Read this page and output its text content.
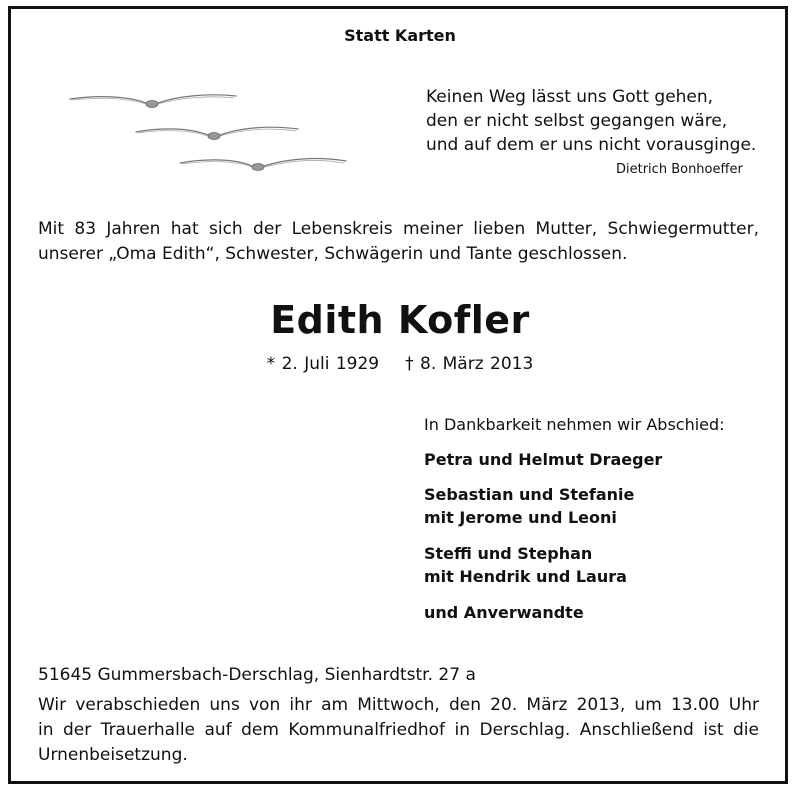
Statt Karten
Keinen Weg lässt uns Gott gehen,
den er nicht selbst gegangen wäre,
und auf dem er uns nicht vorausginge.
Dietrich Bonhoeffer
Mit 83 Jahren hat sich der Lebenskreis meiner lieben Mutter, Schwiegermutter,
unserer „Oma Edith“, Schwester, Schwägerin und Tante geschlossen.
Edith Kofler
* 2. Juli 1929 † 8. März 2013
In Dankbarkeit nehmen wir Abschied:
Petra und Helmut Draeger
Sebastian und Stefanie
mit Jerome und Leoni
Steffi und Stephan
mit Hendrik und Laura
und Anverwandte
51645 Gummersbach-Derschlag, Sienhardtstr. 27 a
Wir verabschieden uns von ihr am Mittwoch, den 20. März 2013, um 13.00 Uhr
in der Trauerhalle auf dem Kommunalfriedhof in Derschlag. Anschließend ist die
Urnenbeisetzung.
